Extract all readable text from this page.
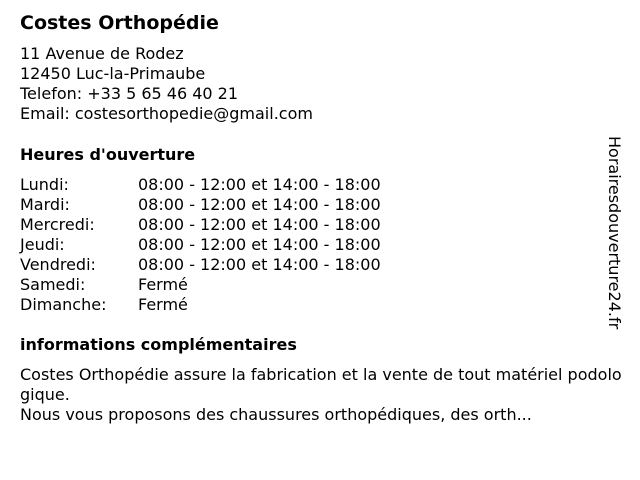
Costes Orthopédie
11 Avenue de Rodez
12450 Luc-la-Primaube
Telefon: +33 5 65 46 40 21
Email: costesorthopedie@gmail.com
Heures d'ouverture
Lundi:	08:00 - 12:00 et 14:00 - 18:00
Mardi:	08:00 - 12:00 et 14:00 - 18:00
Mercredi:	08:00 - 12:00 et 14:00 - 18:00
Jeudi:	08:00 - 12:00 et 14:00 - 18:00
Vendredi:	08:00 - 12:00 et 14:00 - 18:00
Samedi:	Fermé
Dimanche:	Fermé
informations complémentaires

Costes Orthopédie assure la fabrication et la vente de tout matériel podologique.

Nous vous proposons des chaussures orthopédiques, des orth...

Horairesdouverture24.fr
